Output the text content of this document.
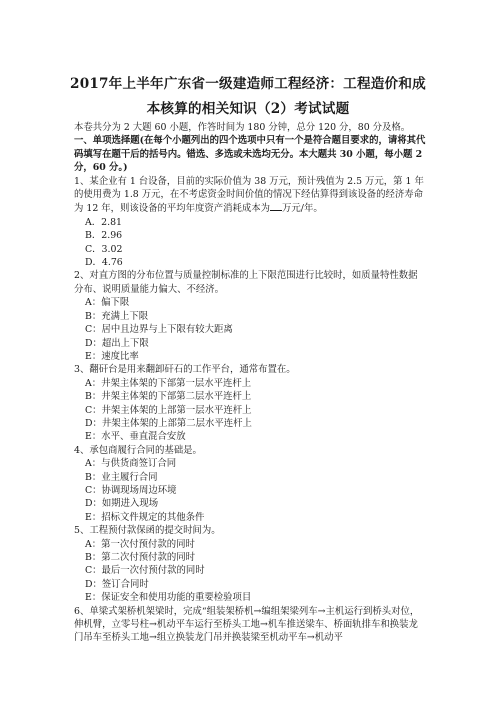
2017年上半年广东省一级建造师工程经济：工程造价和成
本核算的相关知识（2）考试试题

本卷共分为 2 大题 60 小题，作答时间为 180 分钟，总分 120 分，80 分及格。

一、单项选择题(在每个小题列出的四个选项中只有一个是符合题目要求的，请将其代码填写在题干后的括号内。错选、多选或未选均无分。本大题共 30 小题，每小题 2 分，60 分。)

1、某企业有 1 台设备，目前的实际价值为 38 万元，预计残值为 2.5 万元，第 1 年的使用费为 1.8 万元，在不考虑资金时间价值的情况下经估算得到该设备的经济寿命为 12 年，则该设备的平均年度资产消耗成本为 万元/年。

A．2.81

B．2.96

C．3.02

D．4.76

2、对直方图的分布位置与质量控制标准的上下限范围进行比较时，如质量特性数据分布、说明质量能力偏大、不经济。

A：偏下限

B：充满上下限

C：居中且边界与上下限有较大距离

D：超出上下限

E：速度比率

3、翻矸台是用来翻卸矸石的工作平台，通常布置在。

A：井架主体架的下部第一层水平连杆上

B：井架主体架的下部第二层水平连杆上

C：井架主体架的上部第一层水平连杆上

D：井架主体架的上部第二层水平连杆上

E：水平、垂直混合安放

4、承包商履行合同的基础是。

A：与供货商签订合同

B：业主履行合同

C：协调现场周边环境

D：如期进入现场

E：招标文件规定的其他条件

5、工程预付款保函的提交时间为。

A：第一次付预付款的同时

B：第二次付预付款的同时

C：最后一次付预付款的同时

D：签订合同时

E：保证安全和使用功能的重要检验项目

6、单梁式架桥机架梁时，完成“组装架桥机→编组架梁列车→主机运行到桥头对位，伸机臂，立零号柱→机动平车运行至桥头工地→机车推送梁车、桥面轨排车和换装龙门吊车至桥头工地→组立换装龙门吊并换装梁至机动平车→机动平
